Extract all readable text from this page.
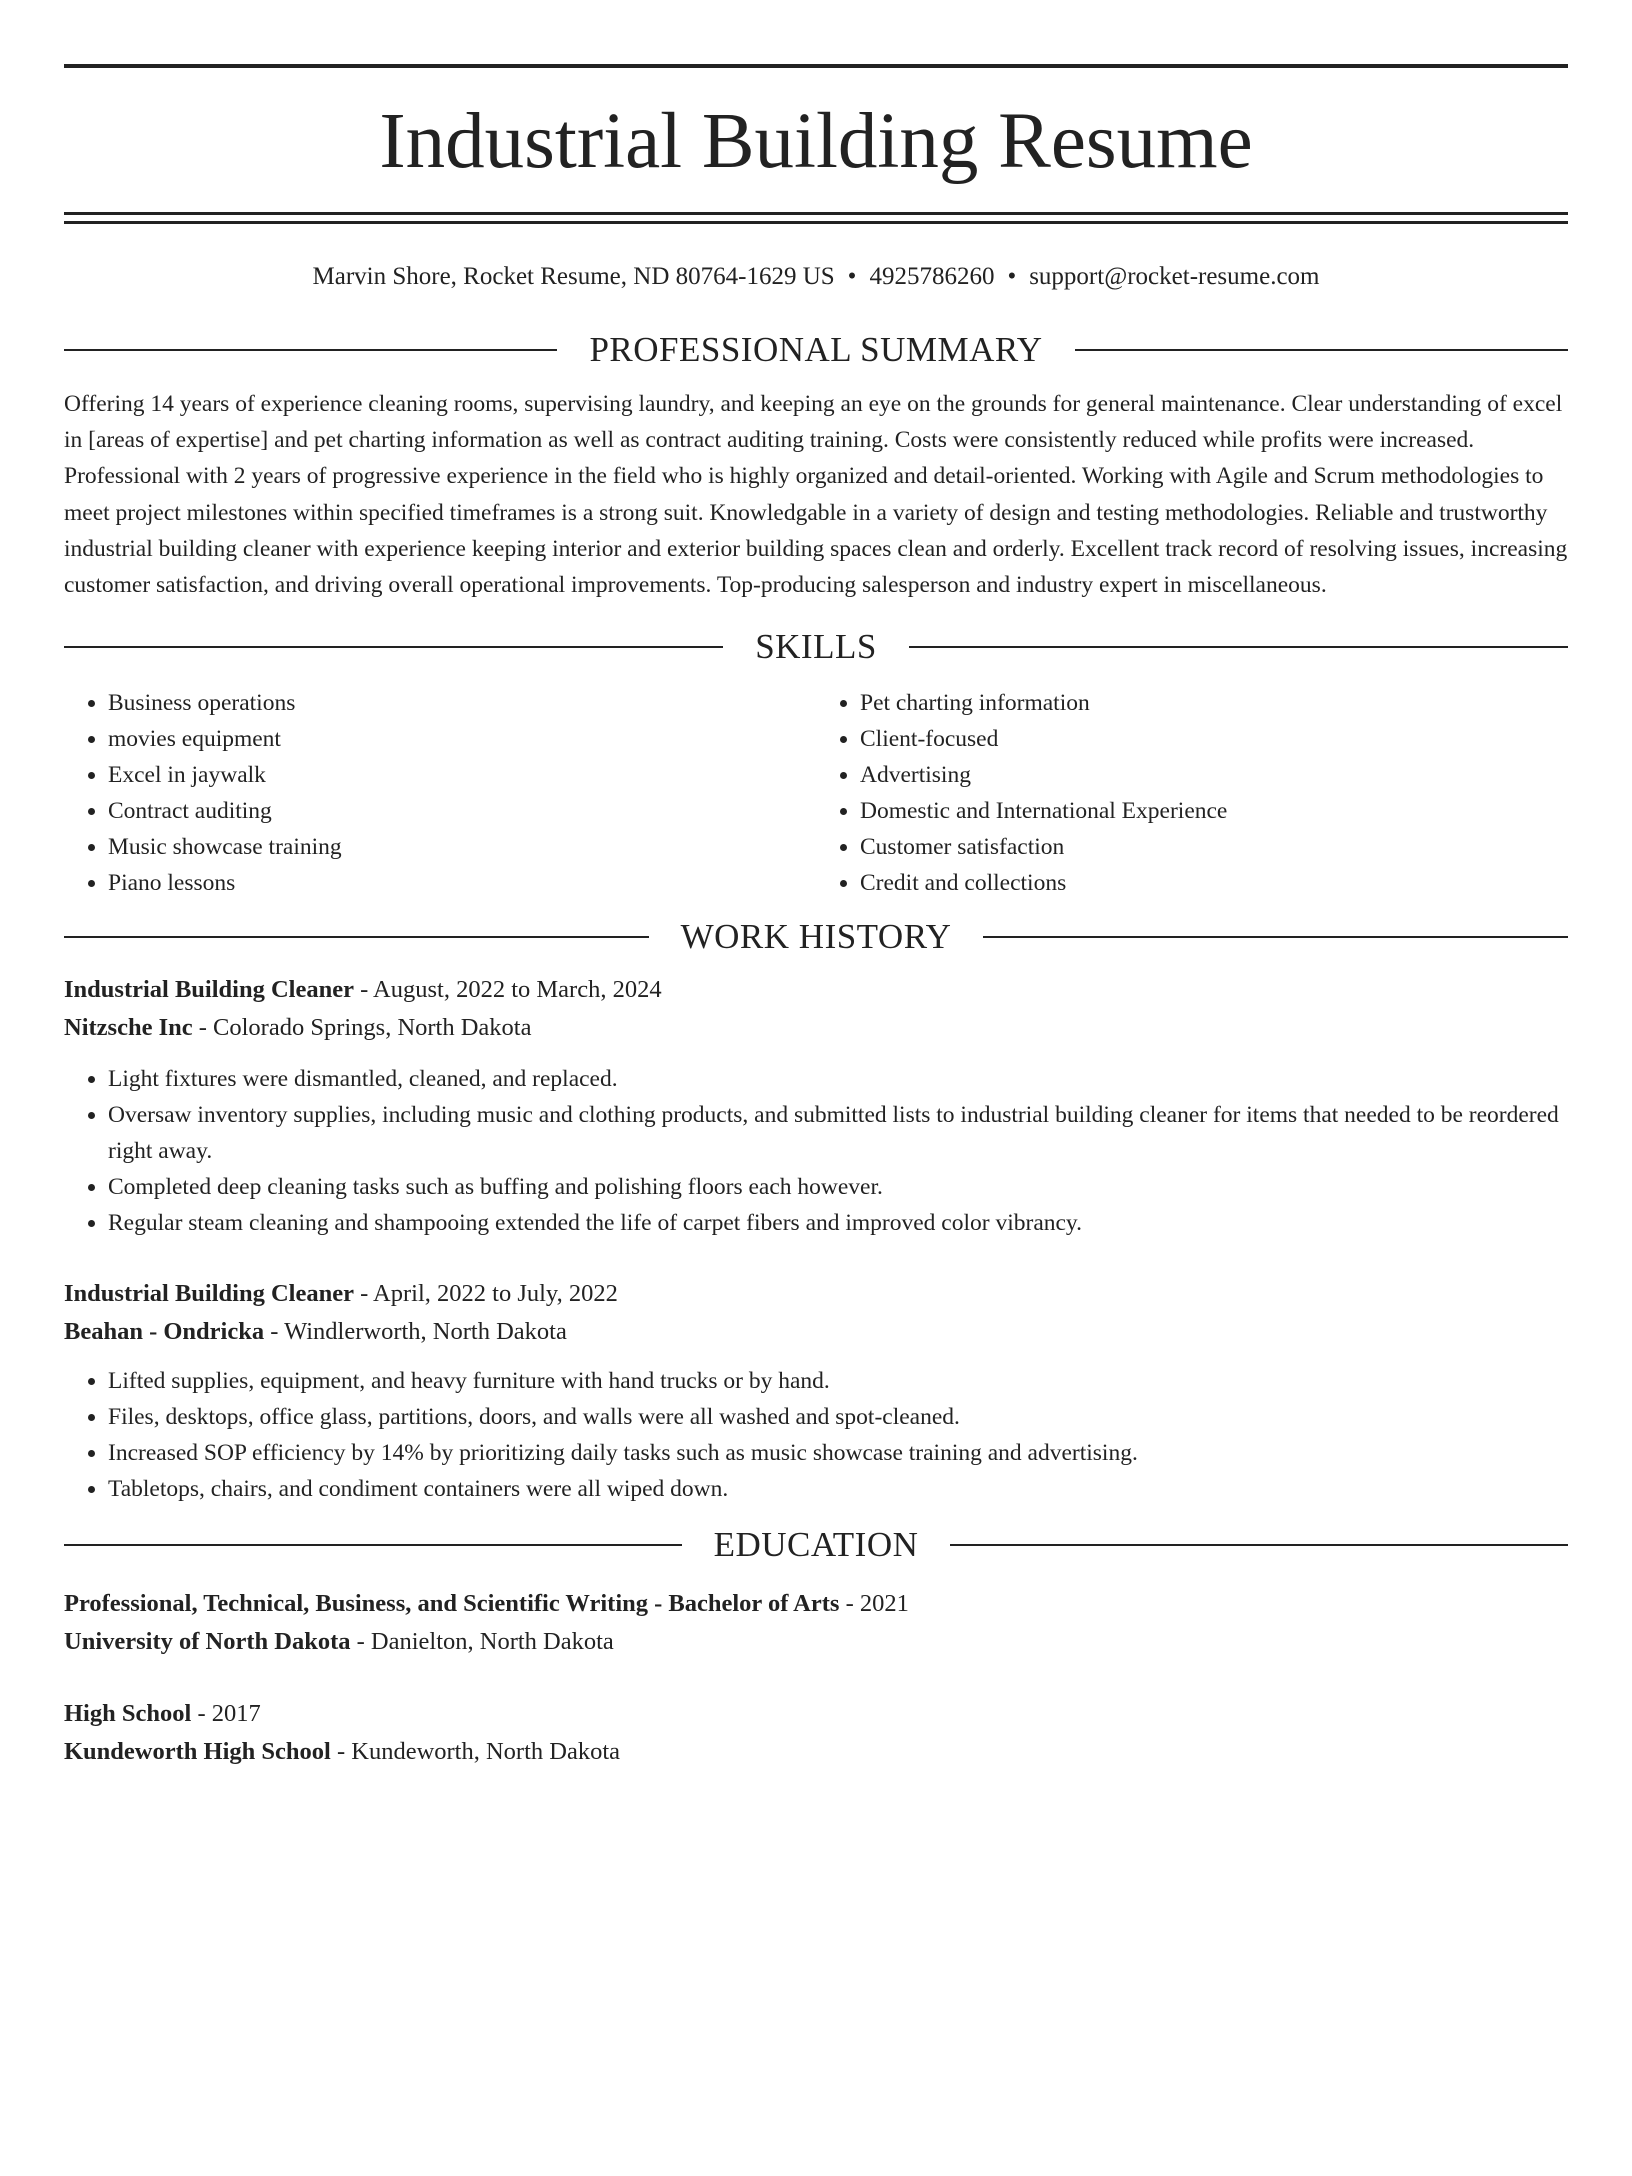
Industrial Building Resume
Marvin Shore, Rocket Resume, ND 80764-1629 US • 4925786260 • support@rocket-resume.com
PROFESSIONAL SUMMARY
Offering 14 years of experience cleaning rooms, supervising laundry, and keeping an eye on the grounds for general maintenance. Clear understanding of excel in [areas of expertise] and pet charting information as well as contract auditing training. Costs were consistently reduced while profits were increased. Professional with 2 years of progressive experience in the field who is highly organized and detail-oriented. Working with Agile and Scrum methodologies to meet project milestones within specified timeframes is a strong suit. Knowledgable in a variety of design and testing methodologies. Reliable and trustworthy industrial building cleaner with experience keeping interior and exterior building spaces clean and orderly. Excellent track record of resolving issues, increasing customer satisfaction, and driving overall operational improvements. Top-producing salesperson and industry expert in miscellaneous.
SKILLS
• Business operations
• movies equipment
• Excel in jaywalk
• Contract auditing
• Music showcase training
• Piano lessons
• Pet charting information
• Client-focused
• Advertising
• Domestic and International Experience
• Customer satisfaction
• Credit and collections
WORK HISTORY
Industrial Building Cleaner - August, 2022 to March, 2024
Nitzsche Inc - Colorado Springs, North Dakota
• Light fixtures were dismantled, cleaned, and replaced.
• Oversaw inventory supplies, including music and clothing products, and submitted lists to industrial building cleaner for items that needed to be reordered right away.
• Completed deep cleaning tasks such as buffing and polishing floors each however.
• Regular steam cleaning and shampooing extended the life of carpet fibers and improved color vibrancy.
Industrial Building Cleaner - April, 2022 to July, 2022
Beahan - Ondricka - Windlerworth, North Dakota
• Lifted supplies, equipment, and heavy furniture with hand trucks or by hand.
• Files, desktops, office glass, partitions, doors, and walls were all washed and spot-cleaned.
• Increased SOP efficiency by 14% by prioritizing daily tasks such as music showcase training and advertising.
• Tabletops, chairs, and condiment containers were all wiped down.
EDUCATION
Professional, Technical, Business, and Scientific Writing - Bachelor of Arts - 2021
University of North Dakota - Danielton, North Dakota
High School - 2017
Kundeworth High School - Kundeworth, North Dakota
